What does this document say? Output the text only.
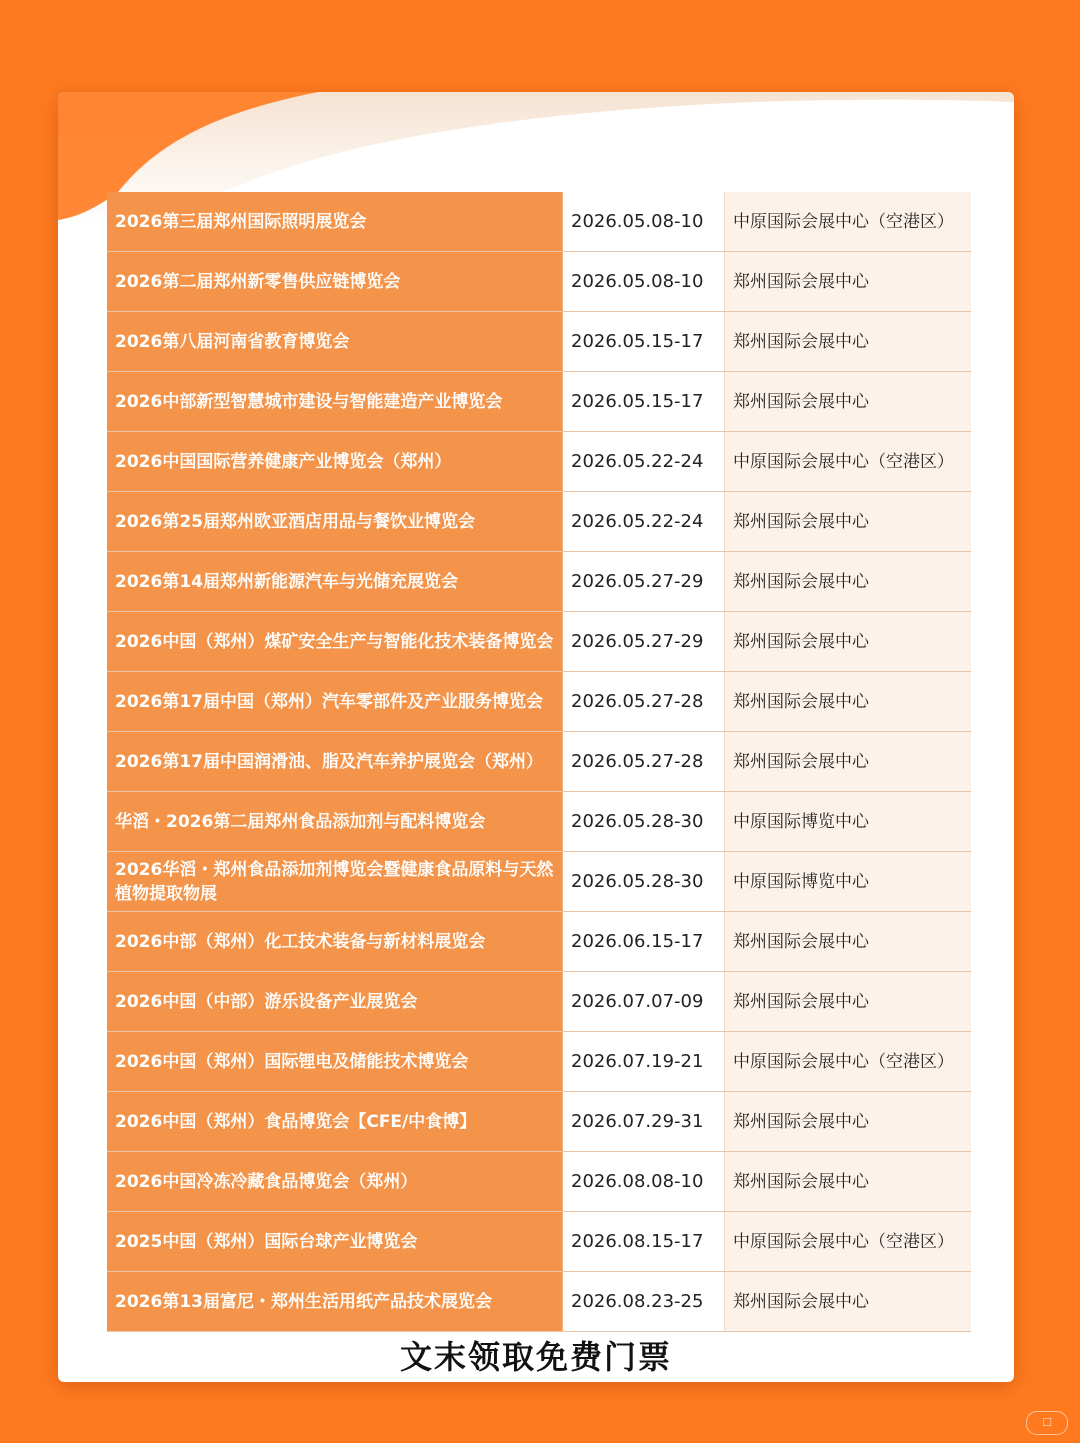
2026第三届郑州国际照明展览会	2026.05.08-10	中原国际会展中心（空港区）
2026第二届郑州新零售供应链博览会	2026.05.08-10	郑州国际会展中心
2026第八届河南省教育博览会	2026.05.15-17	郑州国际会展中心
2026中部新型智慧城市建设与智能建造产业博览会	2026.05.15-17	郑州国际会展中心
2026中国国际营养健康产业博览会（郑州）	2026.05.22-24	中原国际会展中心（空港区）
2026第25届郑州欧亚酒店用品与餐饮业博览会	2026.05.22-24	郑州国际会展中心
2026第14届郑州新能源汽车与光储充展览会	2026.05.27-29	郑州国际会展中心
2026中国（郑州）煤矿安全生产与智能化技术装备博览会	2026.05.27-29	郑州国际会展中心
2026第17届中国（郑州）汽车零部件及产业服务博览会	2026.05.27-28	郑州国际会展中心
2026第17届中国润滑油、脂及汽车养护展览会（郑州）	2026.05.27-28	郑州国际会展中心
华滔・2026第二届郑州食品添加剂与配料博览会	2026.05.28-30	中原国际博览中心
2026华滔・郑州食品添加剂博览会暨健康食品原料与天然植物提取物展	2026.05.28-30	中原国际博览中心
2026中部（郑州）化工技术装备与新材料展览会	2026.06.15-17	郑州国际会展中心
2026中国（中部）游乐设备产业展览会	2026.07.07-09	郑州国际会展中心
2026中国（郑州）国际锂电及储能技术博览会	2026.07.19-21	中原国际会展中心（空港区）
2026中国（郑州）食品博览会【CFE/中食博】	2026.07.29-31	郑州国际会展中心
2026中国冷冻冷藏食品博览会（郑州）	2026.08.08-10	郑州国际会展中心
2025中国（郑州）国际台球产业博览会	2026.08.15-17	中原国际会展中心（空港区）
2026第13届富尼・郑州生活用纸产品技术展览会	2026.08.23-25	郑州国际会展中心
文末领取免费门票
☐
